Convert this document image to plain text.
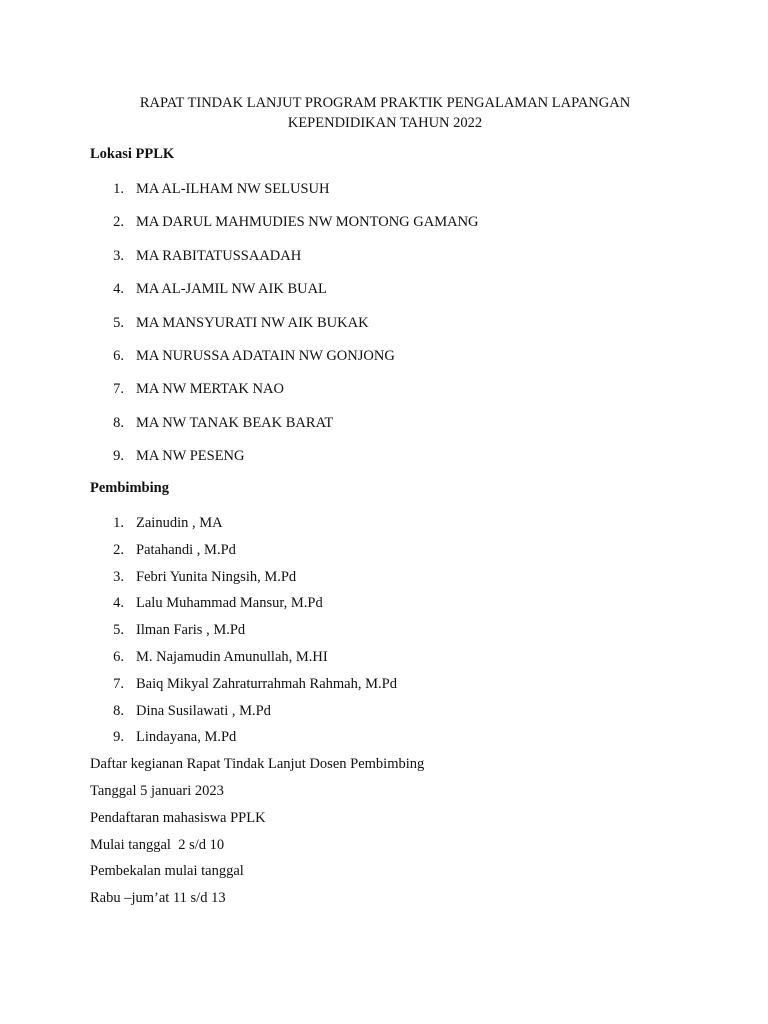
RAPAT TINDAK LANJUT PROGRAM PRAKTIK PENGALAMAN LAPANGAN
KEPENDIDIKAN TAHUN 2022
Lokasi PPLK
1. MA AL-ILHAM NW SELUSUH
2. MA DARUL MAHMUDIES NW MONTONG GAMANG
3. MA RABITATUSSAADAH
4. MA AL-JAMIL NW AIK BUAL
5. MA MANSYURATI NW AIK BUKAK
6. MA NURUSSA ADATAIN NW GONJONG
7. MA NW MERTAK NAO
8. MA NW TANAK BEAK BARAT
9. MA NW PESENG
Pembimbing
1. Zainudin , MA
2. Patahandi , M.Pd
3. Febri Yunita Ningsih, M.Pd
4. Lalu Muhammad Mansur, M.Pd
5. Ilman Faris , M.Pd
6. M. Najamudin Amunullah, M.HI
7. Baiq Mikyal Zahraturrahmah Rahmah, M.Pd
8. Dina Susilawati , M.Pd
9. Lindayana, M.Pd
Daftar kegianan Rapat Tindak Lanjut Dosen Pembimbing
Tanggal 5 januari 2023
Pendaftaran mahasiswa PPLK
Mulai tanggal  2 s/d 10
Pembekalan mulai tanggal
Rabu –jum’at 11 s/d 13
